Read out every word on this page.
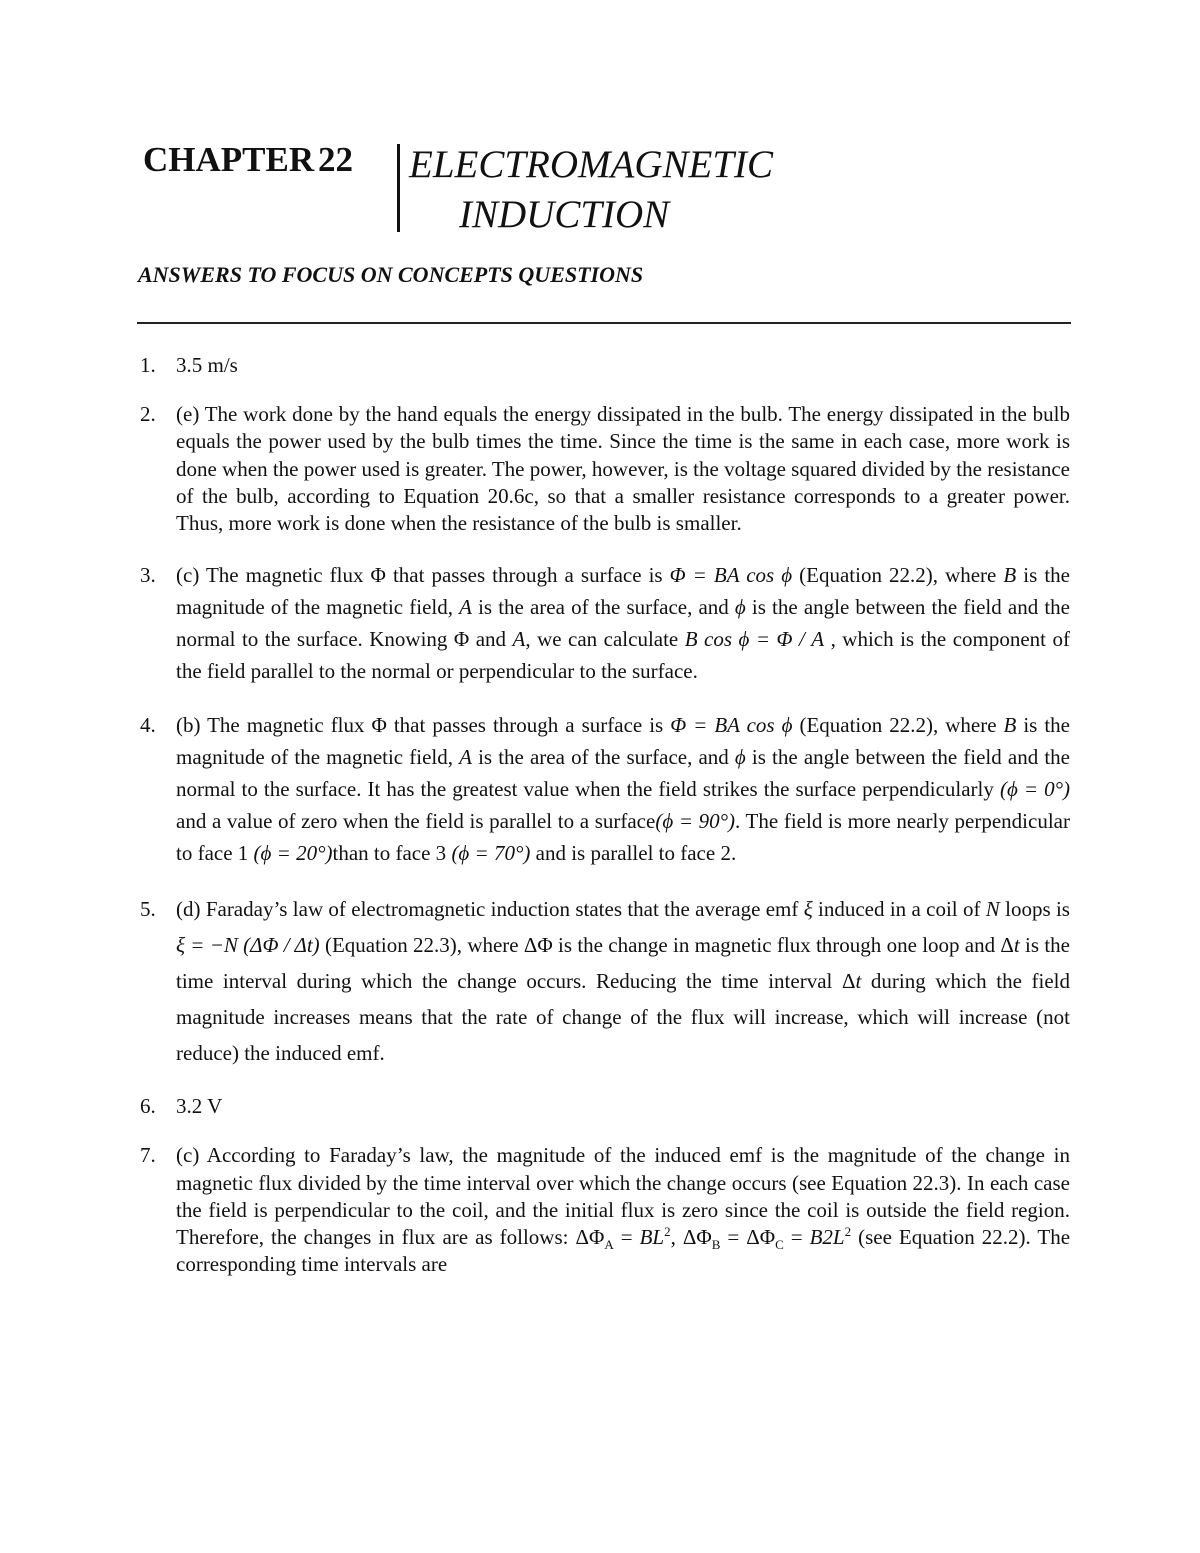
CHAPTER 22 ELECTROMAGNETIC
INDUCTION
ANSWERS TO FOCUS ON CONCEPTS QUESTIONS
1. 3.5 m/s
2. (e) The work done by the hand equals the energy dissipated in the bulb. The energy dissipated in the bulb equals the power used by the bulb times the time. Since the time is the same in each case, more work is done when the power used is greater. The power, however, is the voltage squared divided by the resistance of the bulb, according to Equation 20.6c, so that a smaller resistance corresponds to a greater power. Thus, more work is done when the resistance of the bulb is smaller.
3. (c) The magnetic flux Φ that passes through a surface is Φ = BA cos ϕ (Equation 22.2), where B is the magnitude of the magnetic field, A is the area of the surface, and ϕ is the angle between the field and the normal to the surface. Knowing Φ and A, we can calculate B cos ϕ = Φ / A , which is the component of the field parallel to the normal or perpendicular to the surface.
4. (b) The magnetic flux Φ that passes through a surface is Φ = BA cos ϕ (Equation 22.2), where B is the magnitude of the magnetic field, A is the area of the surface, and ϕ is the angle between the field and the normal to the surface. It has the greatest value when the field strikes the surface perpendicularly (ϕ = 0°) and a value of zero when the field is parallel to a surface(ϕ = 90°). The field is more nearly perpendicular to face 1 (ϕ = 20°)than to face 3 (ϕ = 70°) and is parallel to face 2.
5. (d) Faraday’s law of electromagnetic induction states that the average emf ξ induced in a coil of N loops is ξ = −N (ΔΦ / Δt) (Equation 22.3), where ΔΦ is the change in magnetic flux through one loop and Δt is the time interval during which the change occurs. Reducing the time interval Δt during which the field magnitude increases means that the rate of change of the flux will increase, which will increase (not reduce) the induced emf.
6. 3.2 V
7. (c) According to Faraday’s law, the magnitude of the induced emf is the magnitude of the change in magnetic flux divided by the time interval over which the change occurs (see Equation 22.3). In each case the field is perpendicular to the coil, and the initial flux is zero since the coil is outside the field region. Therefore, the changes in flux are as follows: $\Delta\Phi_A = BL^2$, $\Delta\Phi_B = \Delta\Phi_C = B2L^2$ (see Equation 22.2). The corresponding time intervals are
